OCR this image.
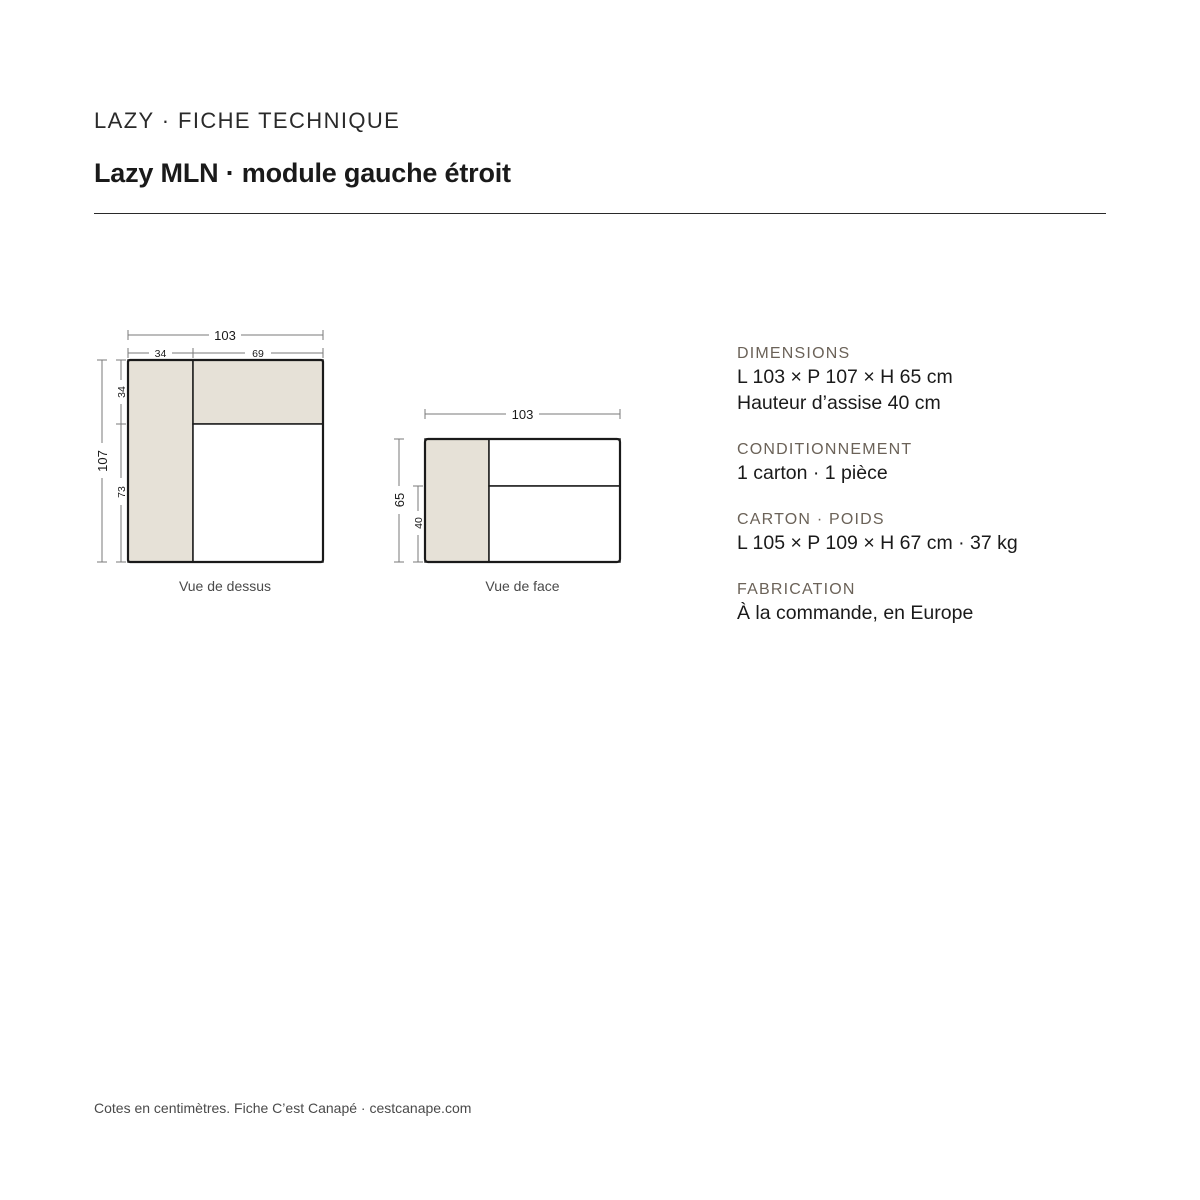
LAZY · FICHE TECHNIQUE
Lazy MLN · module gauche étroit
103
34	69
107
34
73
Vue de dessus
103
65
40
Vue de face
DIMENSIONS
L 103 × P 107 × H 65 cm
Hauteur d’assise 40 cm
CONDITIONNEMENT
1 carton · 1 pièce
CARTON · POIDS
L 105 × P 109 × H 67 cm · 37 kg
FABRICATION
À la commande, en Europe
Cotes en centimètres. Fiche C’est Canapé · cestcanape.com
